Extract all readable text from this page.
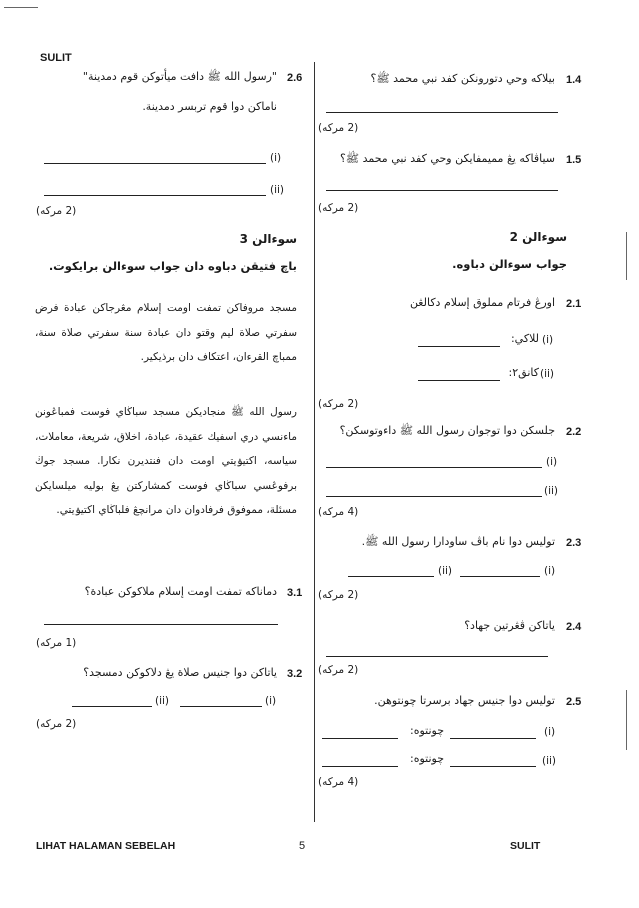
SULIT
2.6
"رسول الله ﷺ دافت ميأتوكن قوم دمدينة"
ناماكن دوا قوم تربسر دمدينة.
(i)
(ii)
(2 مركه)
سوءالن 3
باچ فتيقن دباوه دان جواب سوءالن برايكوت.
مسجد مروفاكن تمفت اومت إسلام مڠرجاكن عبادة فرض سفرتي صلاة ليم وقتو دان عبادة سنة سفرتي صلاة سنة، ممباچ القرءان، اعتكاف دان برذيكير.
رسول الله ﷺ منجاديكن مسجد سباڬاي فوست فمباڠونن ماءنسي دري اسفيك عقيدة، عبادة، اخلاق، شريعة، معاملات، سياسه، اكتيۏيتي اومت دان فنتديرن نكارا. مسجد جوڬ برفوڠسي سباڬاي فوست كمشاركتن يڠ بوليه ميلسايكن مسئلة، مموفوق فرفادوان دان مرانچڠ فلباڬاي اكتيۏيتي.
3.1
دماناكه تمفت اومت إسلام ملاكوكن عبادة؟
(1 مركه)
3.2
ياتاكن دوا جنيس صلاة يڠ دلاكوكن دمسجد؟
(ii)	(i)
(2 مركه)
1.4
بيلاكه وحي دتورونكن كفد نبي محمد ﷺ؟
(2 مركه)
1.5
سياڤاكه يڠ مميمفايكن وحي كفد نبي محمد ﷺ؟
(2 مركه)
سوءالن 2
جواب سوءالن دباوه.
2.1
اورڠ فرتام مملوق إسلام دكالڠن
(i)
للاكي:
(ii)
كانق٢:
(2 مركه)
2.2
جلسكن دوا توجوان رسول الله ﷺ داءوتوسكن؟
(i)
(ii)
(4 مركه)
2.3
توليس دوا نام باڤ ساودارا رسول الله ﷺ.
(ii)	(i)
(2 مركه)
2.4
ياتاكن ڤڠرتين جهاد؟
(2 مركه)
2.5
توليس دوا جنيس جهاد برسرتا چونتوهن.
(i)
چونتوه:
(ii)
چونتوه:
(4 مركه)
LIHAT HALAMAN SEBELAH	5	SULIT
